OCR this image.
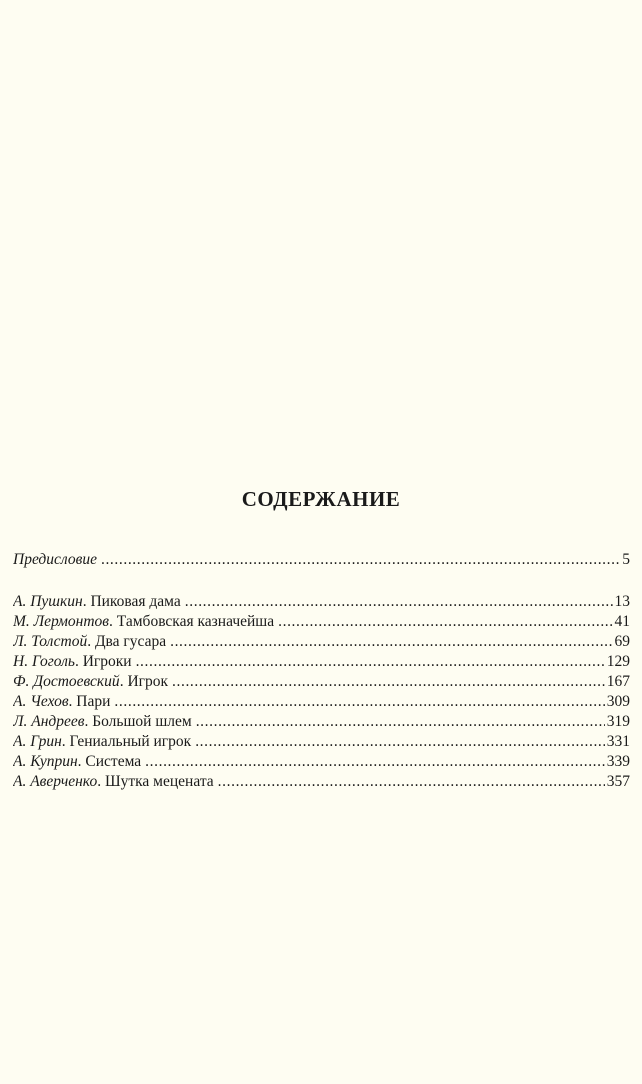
СОДЕРЖАНИЕ
Предисловие .....	5
А. Пушкин . Пиковая дама .....	13
М. Лермонтов . Тамбовская казначейша .....	41
Л. Толстой . Два гусара .....	69
Н. Гоголь . Игроки .....	129
Ф. Достоевский . Игрок .....	167
А. Чехов . Пари .....	309
Л. Андреев . Большой шлем .....	319
А. Грин . Гениальный игрок .....	331
А. Куприн . Система .....	339
А. Аверченко . Шутка мецената .....	357
